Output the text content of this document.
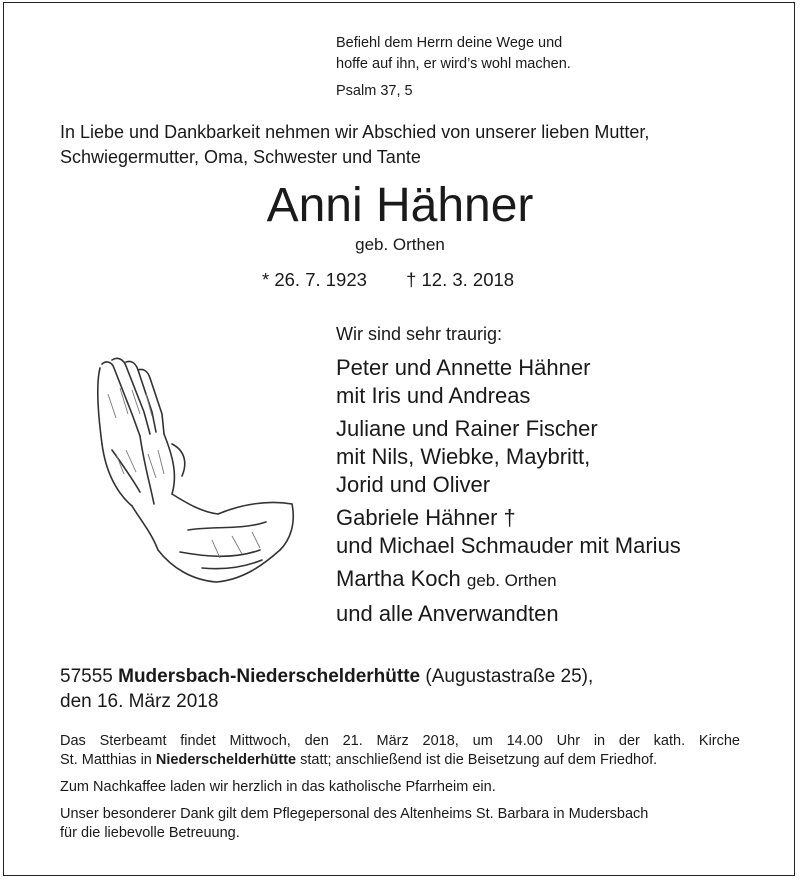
Befiehl dem Herrn deine Wege und
hoffe auf ihn, er wird’s wohl machen.
Psalm 37, 5
In Liebe und Dankbarkeit nehmen wir Abschied von unserer lieben Mutter,
Schwiegermutter, Oma, Schwester und Tante
Anni Hähner
geb. Orthen
* 26. 7. 1923 † 12. 3. 2018
Wir sind sehr traurig:
Peter und Annette Hähner
mit Iris und Andreas
Juliane und Rainer Fischer
mit Nils, Wiebke, Maybritt,
Jorid und Oliver
Gabriele Hähner †
und Michael Schmauder mit Marius
Martha Koch geb. Orthen
und alle Anverwandten
57555 Mudersbach-Niederschelderhütte (Augustastraße 25),
den 16. März 2018
Das Sterbeamt findet Mittwoch, den 21. März 2018, um 14.00 Uhr in der kath. Kirche
St. Matthias in Niederschelderhütte statt; anschließend ist die Beisetzung auf dem Friedhof.
Zum Nachkaffee laden wir herzlich in das katholische Pfarrheim ein.
Unser besonderer Dank gilt dem Pflegepersonal des Altenheims St. Barbara in Mudersbach
für die liebevolle Betreuung.
